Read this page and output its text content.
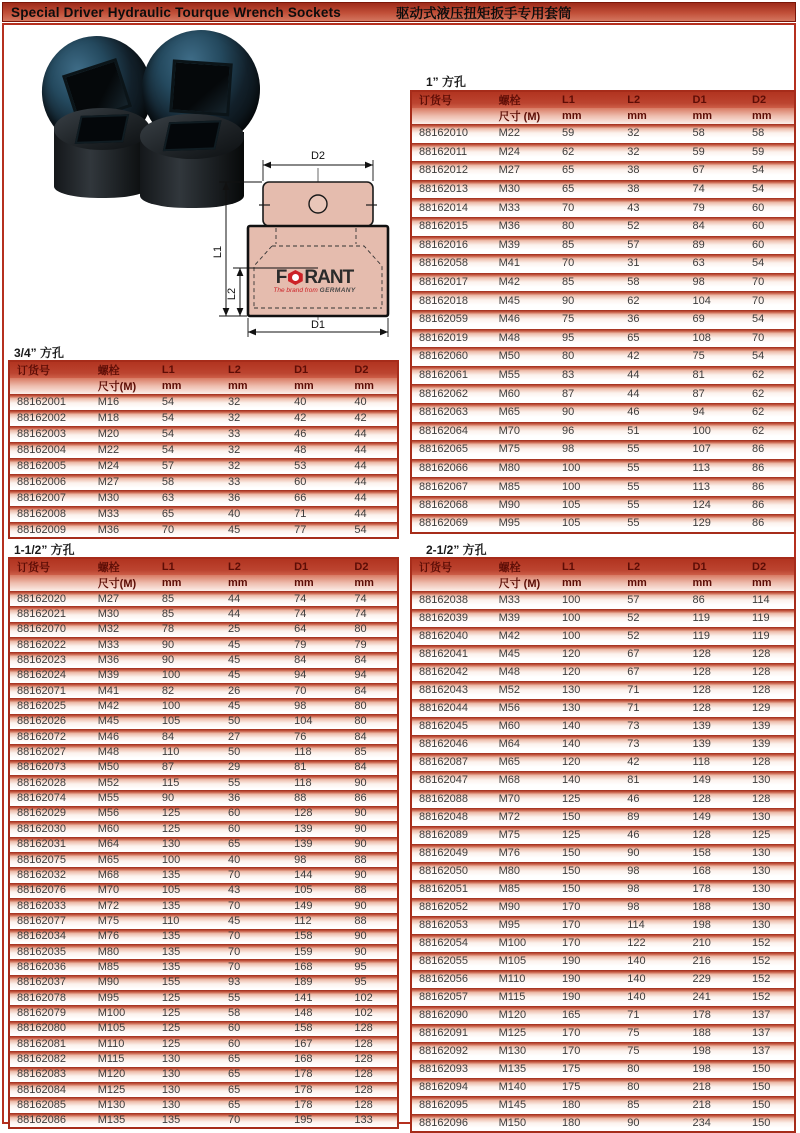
Special Driver Hydraulic Tourque Wrench Sockets	驱动式液压扭矩扳手专用套筒
D2
D1
L1
L2
F RANT
The brand from GERMANY
1” 方孔
3/4” 方孔
1-1/2” 方孔	2-1/2” 方孔
订货号	螺栓	L1	L2	D1	D2
	尺寸(M)	mm	mm	mm	mm
88162001	M16	54	32	40	40
88162002	M18	54	32	42	42
88162003	M20	54	33	46	44
88162004	M22	54	32	48	44
88162005	M24	57	32	53	44
88162006	M27	58	33	60	44
88162007	M30	63	36	66	44
88162008	M33	65	40	71	44
88162009	M36	70	45	77	54
订货号	螺栓	L1	L2	D1	D2
	尺寸 (M)	mm	mm	mm	mm
88162010	M22	59	32	58	58
88162011	M24	62	32	59	59
88162012	M27	65	38	67	54
88162013	M30	65	38	74	54
88162014	M33	70	43	79	60
88162015	M36	80	52	84	60
88162016	M39	85	57	89	60
88162058	M41	70	31	63	54
88162017	M42	85	58	98	70
88162018	M45	90	62	104	70
88162059	M46	75	36	69	54
88162019	M48	95	65	108	70
88162060	M50	80	42	75	54
88162061	M55	83	44	81	62
88162062	M60	87	44	87	62
88162063	M65	90	46	94	62
88162064	M70	96	51	100	62
88162065	M75	98	55	107	86
88162066	M80	100	55	113	86
88162067	M85	100	55	113	86
88162068	M90	105	55	124	86
88162069	M95	105	55	129	86
订货号	螺栓	L1	L2	D1	D2
	尺寸(M)	mm	mm	mm	mm
88162020	M27	85	44	74	74
88162021	M30	85	44	74	74
88162070	M32	78	25	64	80
88162022	M33	90	45	79	79
88162023	M36	90	45	84	84
88162024	M39	100	45	94	94
88162071	M41	82	26	70	84
88162025	M42	100	45	98	80
88162026	M45	105	50	104	80
88162072	M46	84	27	76	84
88162027	M48	110	50	118	85
88162073	M50	87	29	81	84
88162028	M52	115	55	118	90
88162074	M55	90	36	88	86
88162029	M56	125	60	128	90
88162030	M60	125	60	139	90
88162031	M64	130	65	139	90
88162075	M65	100	40	98	88
88162032	M68	135	70	144	90
88162076	M70	105	43	105	88
88162033	M72	135	70	149	90
88162077	M75	110	45	112	88
88162034	M76	135	70	158	90
88162035	M80	135	70	159	90
88162036	M85	135	70	168	95
88162037	M90	155	93	189	95
88162078	M95	125	55	141	102
88162079	M100	125	58	148	102
88162080	M105	125	60	158	128
88162081	M110	125	60	167	128
88162082	M115	130	65	168	128
88162083	M120	130	65	178	128
88162084	M125	130	65	178	128
88162085	M130	130	65	178	128
88162086	M135	135	70	195	133
订货号	螺栓	L1	L2	D1	D2
	尺寸 (M)	mm	mm	mm	mm
88162038	M33	100	57	86	114
88162039	M39	100	52	119	119
88162040	M42	100	52	119	119
88162041	M45	120	67	128	128
88162042	M48	120	67	128	128
88162043	M52	130	71	128	128
88162044	M56	130	71	128	129
88162045	M60	140	73	139	139
88162046	M64	140	73	139	139
88162087	M65	120	42	118	128
88162047	M68	140	81	149	130
88162088	M70	125	46	128	128
88162048	M72	150	89	149	130
88162089	M75	125	46	128	125
88162049	M76	150	90	158	130
88162050	M80	150	98	168	130
88162051	M85	150	98	178	130
88162052	M90	170	98	188	130
88162053	M95	170	114	198	130
88162054	M100	170	122	210	152
88162055	M105	190	140	216	152
88162056	M110	190	140	229	152
88162057	M115	190	140	241	152
88162090	M120	165	71	178	137
88162091	M125	170	75	188	137
88162092	M130	170	75	198	137
88162093	M135	175	80	198	150
88162094	M140	175	80	218	150
88162095	M145	180	85	218	150
88162096	M150	180	90	234	150
